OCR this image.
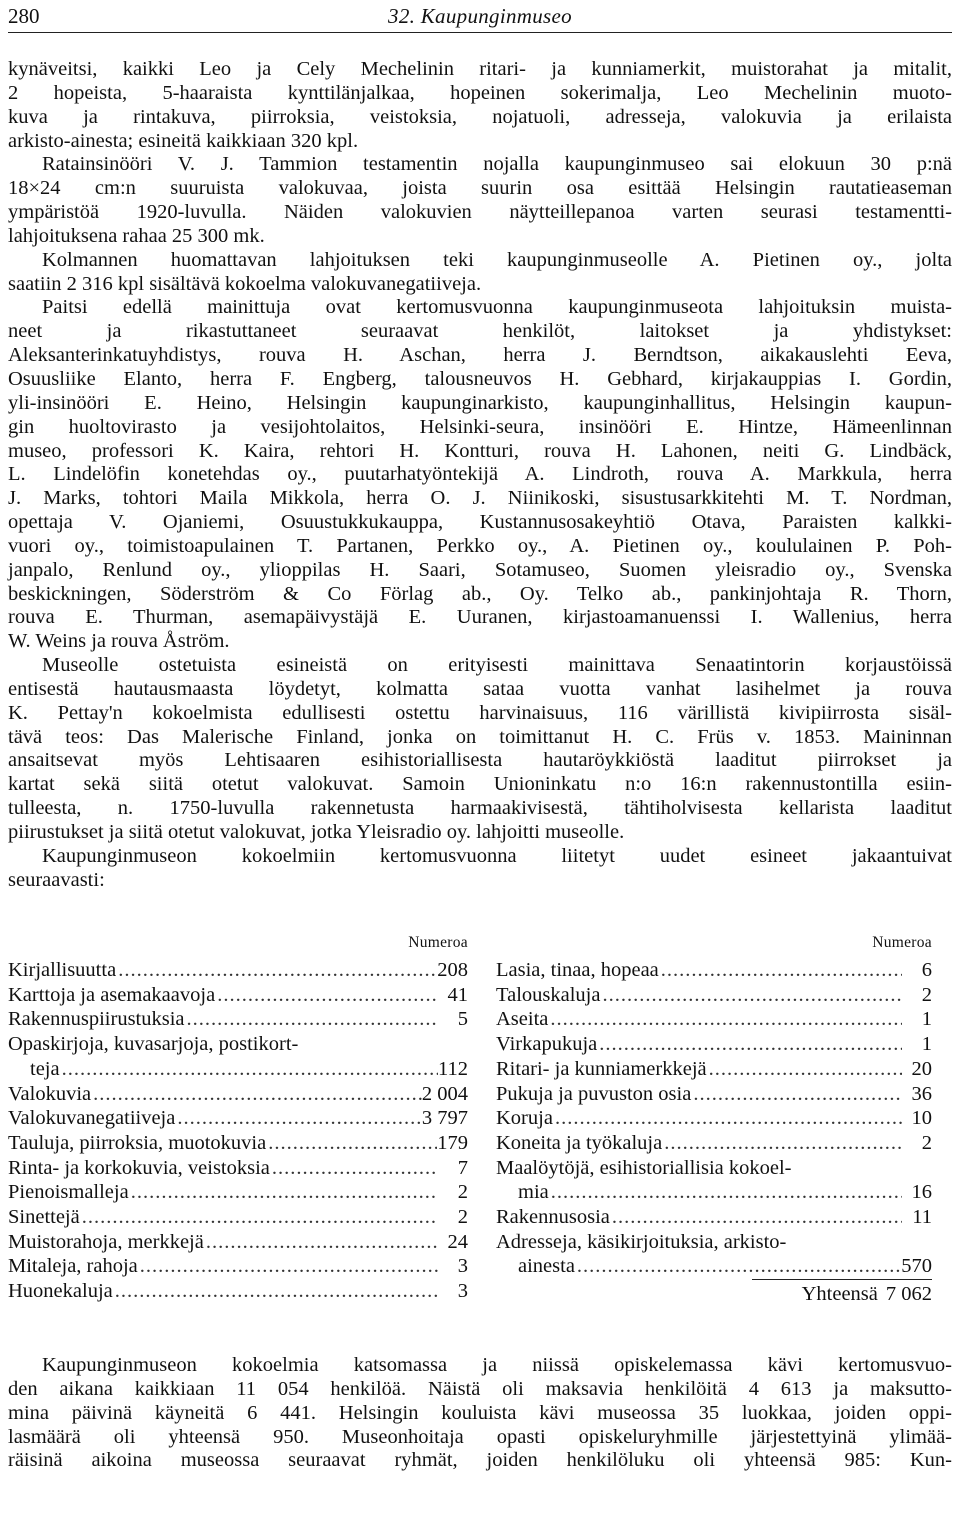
280	32. Kaupunginmuseo

kynäveitsi, kaikki Leo ja Cely Mechelinin ritari- ja kunniamerkit, muistorahat ja mitalit,
2 hopeista, 5-haaraista kynttilänjalkaa, hopeinen sokerimalja, Leo Mechelinin muoto-
kuva ja rintakuva, piirroksia, veistoksia, nojatuoli, adresseja, valokuvia ja erilaista
arkisto-ainesta; esineitä kaikkiaan 320 kpl.

Ratainsinööri V. J. Tammion testamentin nojalla kaupunginmuseo sai elokuun 30 p:nä
18×24 cm:n suuruista valokuvaa, joista suurin osa esittää Helsingin rautatieaseman
ympäristöä 1920-luvulla. Näiden valokuvien näytteillepanoa varten seurasi testamentti-
lahjoituksena rahaa 25 300 mk.

Kolmannen huomattavan lahjoituksen teki kaupunginmuseolle A. Pietinen oy., jolta
saatiin 2 316 kpl sisältävä kokoelma valokuvanegatiiveja.

Paitsi edellä mainittuja ovat kertomusvuonna kaupunginmuseota lahjoituksin muista-
neet ja rikastuttaneet seuraavat henkilöt, laitokset ja yhdistykset:
Aleksanterinkatuyhdistys, rouva H. Aschan, herra J. Berndtson, aikakauslehti Eeva,
Osuusliike Elanto, herra F. Engberg, talousneuvos H. Gebhard, kirjakauppias I. Gordin,
yli-insinööri E. Heino, Helsingin kaupunginarkisto, kaupunginhallitus, Helsingin kaupun-
gin huoltovirasto ja vesijohtolaitos, Helsinki-seura, insinööri E. Hintze, Hämeenlinnan
museo, professori K. Kaira, rehtori H. Kontturi, rouva H. Lahonen, neiti G. Lindbäck,
L. Lindelöfin konetehdas oy., puutarhatyöntekijä A. Lindroth, rouva A. Markkula, herra
J. Marks, tohtori Maila Mikkola, herra O. J. Niinikoski, sisustusarkkitehti M. T. Nordman,
opettaja V. Ojaniemi, Osuustukkukauppa, Kustannusosakeyhtiö Otava, Paraisten kalkki-
vuori oy., toimistoapulainen T. Partanen, Perkko oy., A. Pietinen oy., koululainen P. Poh-
janpalo, Renlund oy., ylioppilas H. Saari, Sotamuseo, Suomen yleisradio oy., Svenska
beskickningen, Söderström & Co Förlag ab., Oy. Telko ab., pankinjohtaja R. Thorn,
rouva E. Thurman, asemapäivystäjä E. Uuranen, kirjastoamanuenssi I. Wallenius, herra
W. Weins ja rouva Åström.

Museolle ostetuista esineistä on erityisesti mainittava Senaatintorin korjaustöissä
entisestä hautausmaasta löydetyt, kolmatta sataa vuotta vanhat lasihelmet ja rouva
K. Pettay'n kokoelmista edullisesti ostettu harvinaisuus, 116 värillistä kivipiirrosta sisäl-
tävä teos: Das Malerische Finland, jonka on toimittanut H. C. Früs v. 1853. Maininnan
ansaitsevat myös Lehtisaaren esihistoriallisesta hautaröykkiöstä laaditut piirrokset ja
kartat sekä siitä otetut valokuvat. Samoin Unioninkatu n:o 16:n rakennustontilla esiin-
tulleesta, n. 1750-luvulla rakennetusta harmaakivisestä, tähtiholvisesta kellarista laaditut
piirustukset ja siitä otetut valokuvat, jotka Yleisradio oy. lahjoitti museolle.

Kaupunginmuseon kokoelmiin kertomusvuonna liitetyt uudet esineet jakaantuivat
seuraavasti:

Numeroa
Kirjallisuutta .....	208
Karttoja ja asemakaavoja .....	41
Rakennuspiirustuksia .....	5
Opaskirjoja, kuvasarjoja, postikort-
teja .....	112
Valokuvia .....	2 004
Valokuvanegatiiveja .....	3 797
Tauluja, piirroksia, muotokuvia .....	179
Rinta- ja korkokuvia, veistoksia .....	7
Pienoismalleja .....	2
Sinettejä .....	2
Muistorahoja, merkkejä .....	24
Mitaleja, rahoja .....	3
Huonekaluja .....	3
Numeroa
Lasia, tinaa, hopeaa .....	6
Talouskaluja .....	2
Aseita .....	1
Virkapukuja .....	1
Ritari- ja kunniamerkkejä .....	20
Pukuja ja puvuston osia .....	36
Koruja .....	10
Koneita ja työkaluja .....	2
Maalöytöjä, esihistoriallisia kokoel-
mia .....	16
Rakennusosia .....	11
Adresseja, käsikirjoituksia, arkisto-
ainesta .....	570
Yhteensä 7 062

Kaupunginmuseon kokoelmia katsomassa ja niissä opiskelemassa kävi kertomusvuo-
den aikana kaikkiaan 11 054 henkilöä. Näistä oli maksavia henkilöitä 4 613 ja maksutto-
mina päivinä käyneitä 6 441. Helsingin kouluista kävi museossa 35 luokkaa, joiden oppi-
lasmäärä oli yhteensä 950. Museonhoitaja opasti opiskeluryhmille järjestettyinä ylimää-
räisinä aikoina museossa seuraavat ryhmät, joiden henkilöluku oli yhteensä 985: Kun-
